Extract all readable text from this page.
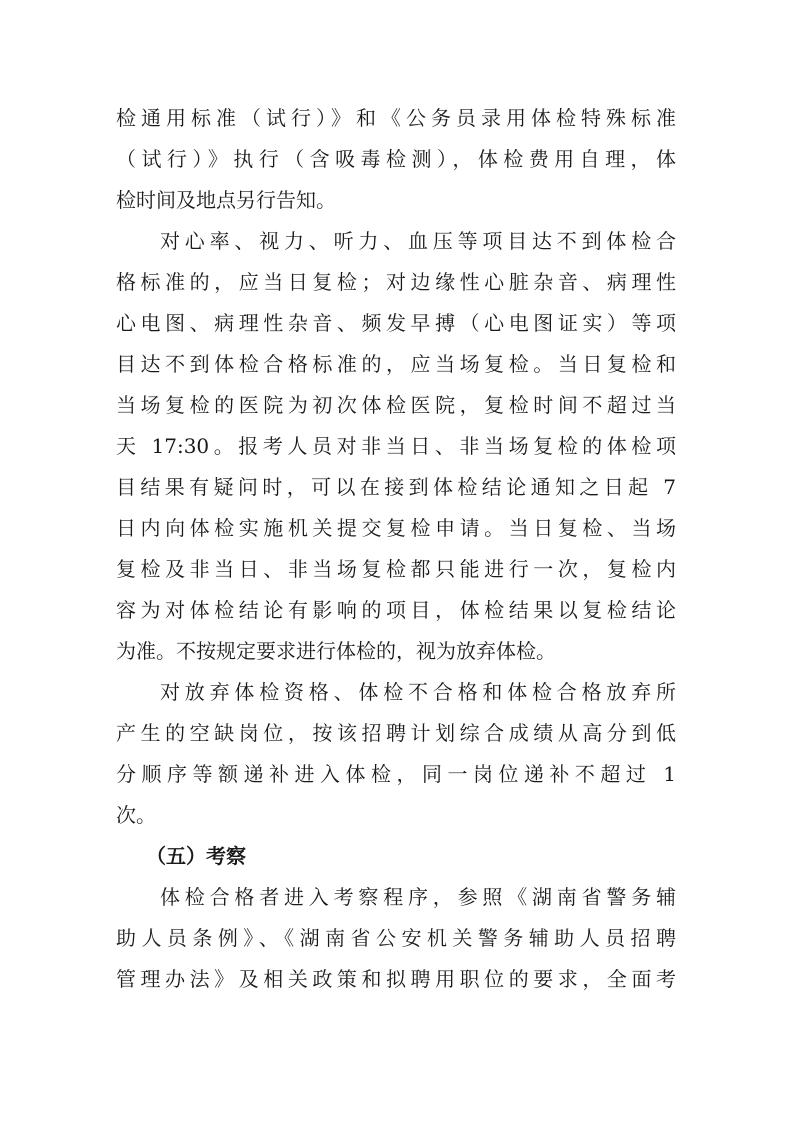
检通用标准（试行）》和《公务员录用体检特殊标准
（试行）》执行（含吸毒检测），体检费用自理，体
检时间及地点另行告知。
对心率、视力、听力、血压等项目达不到体检合
格标准的，应当日复检；对边缘性心脏杂音、病理性
心电图、病理性杂音、频发早搏（心电图证实）等项
目达不到体检合格标准的，应当场复检。当日复检和
当场复检的医院为初次体检医院，复检时间不超过当
天 17:30。报考人员对非当日、非当场复检的体检项
目结果有疑问时，可以在接到体检结论通知之日起 7
日内向体检实施机关提交复检申请。当日复检、当场
复检及非当日、非当场复检都只能进行一次，复检内
容为对体检结论有影响的项目，体检结果以复检结论
为准。不按规定要求进行体检的，视为放弃体检。
对放弃体检资格、体检不合格和体检合格放弃所
产生的空缺岗位，按该招聘计划综合成绩从高分到低
分顺序等额递补进入体检，同一岗位递补不超过 1
次。
（五）考察
体检合格者进入考察程序，参照《湖南省警务辅
助人员条例》、《湖南省公安机关警务辅助人员招聘
管理办法》及相关政策和拟聘用职位的要求，全面考
